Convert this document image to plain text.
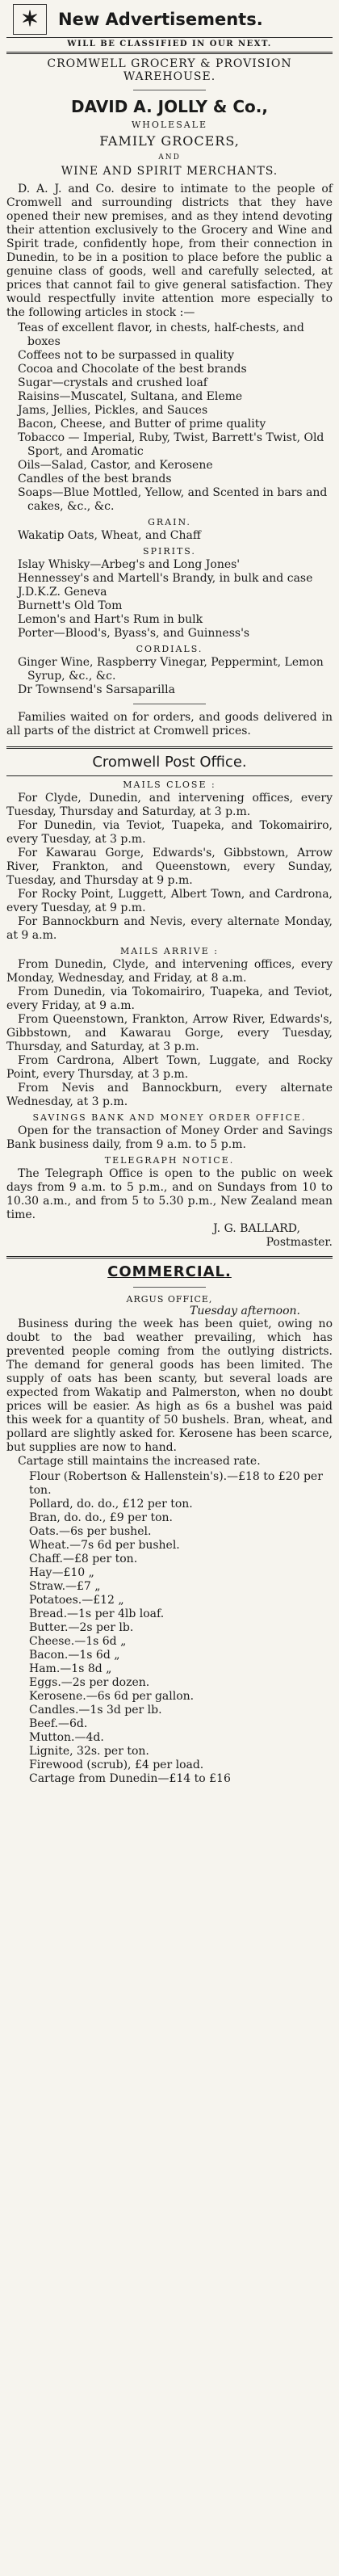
✶	New Advertisements.
WILL BE CLASSIFIED IN OUR NEXT.
CROMWELL GROCERY & PROVISION
WAREHOUSE.
DAVID A. JOLLY & Co.,
WHOLESALE
FAMILY GROCERS,
AND
WINE AND SPIRIT MERCHANTS.

D. A. J. and Co. desire to intimate to the people of Cromwell and surrounding districts that they have opened their new premises, and as they intend devoting their attention exclusively to the Grocery and Wine and Spirit trade, confidently hope, from their connection in Dunedin, to be in a position to place before the public a genuine class of goods, well and carefully selected, at prices that cannot fail to give general satisfaction. They would respectfully invite attention more especially to the following articles in stock :—

Teas of excellent flavor, in chests, half-chests, and boxes
Coffees not to be surpassed in quality
Cocoa and Chocolate of the best brands
Sugar—crystals and crushed loaf
Raisins—Muscatel, Sultana, and Eleme
Jams, Jellies, Pickles, and Sauces
Bacon, Cheese, and Butter of prime quality
Tobacco — Imperial, Ruby, Twist, Barrett's Twist, Old Sport, and Aromatic
Oils—Salad, Castor, and Kerosene
Candles of the best brands
Soaps—Blue Mottled, Yellow, and Scented in bars and cakes, &c., &c.
GRAIN.
Wakatip Oats, Wheat, and Chaff
SPIRITS.
Islay Whisky—Arbeg's and Long Jones'
Hennessey's and Martell's Brandy, in bulk and case
J.D.K.Z. Geneva
Burnett's Old Tom
Lemon's and Hart's Rum in bulk
Porter—Blood's, Byass's, and Guinness's
CORDIALS.
Ginger Wine, Raspberry Vinegar, Peppermint, Lemon Syrup, &c., &c.
Dr Townsend's Sarsaparilla

Families waited on for orders, and goods delivered in all parts of the district at Cromwell prices.

Cromwell Post Office.
MAILS CLOSE :

For Clyde, Dunedin, and intervening offices, every Tuesday, Thursday and Saturday, at 3 p.m.

For Dunedin, via Teviot, Tuapeka, and Tokomairiro, every Tuesday, at 3 p.m.

For Kawarau Gorge, Edwards's, Gibbstown, Arrow River, Frankton, and Queenstown, every Sunday, Tuesday, and Thursday at 9 p.m.

For Rocky Point, Luggett, Albert Town, and Cardrona, every Tuesday, at 9 p.m.

For Bannockburn and Nevis, every alternate Monday, at 9 a.m.

MAILS ARRIVE :

From Dunedin, Clyde, and intervening offices, every Monday, Wednesday, and Friday, at 8 a.m.

From Dunedin, via Tokomairiro, Tuapeka, and Teviot, every Friday, at 9 a.m.

From Queenstown, Frankton, Arrow River, Edwards's, Gibbstown, and Kawarau Gorge, every Tuesday, Thursday, and Saturday, at 3 p.m.

From Cardrona, Albert Town, Luggate, and Rocky Point, every Thursday, at 3 p.m.

From Nevis and Bannockburn, every alternate Wednesday, at 3 p.m.

SAVINGS BANK AND MONEY ORDER OFFICE.

Open for the transaction of Money Order and Savings Bank business daily, from 9 a.m. to 5 p.m.

TELEGRAPH NOTICE.

The Telegraph Office is open to the public on week days from 9 a.m. to 5 p.m., and on Sundays from 10 to 10.30 a.m., and from 5 to 5.30 p.m., New Zealand mean time.

J. G. BALLARD,
Postmaster.
COMMERCIAL.
ARGUS OFFICE,
Tuesday afternoon.

Business during the week has been quiet, owing no doubt to the bad weather prevailing, which has prevented people coming from the outlying districts. The demand for general goods has been limited. The supply of oats has been scanty, but several loads are expected from Wakatip and Palmerston, when no doubt prices will be easier. As high as 6s a bushel was paid this week for a quantity of 50 bushels. Bran, wheat, and pollard are slightly asked for. Kerosene has been scarce, but supplies are now to hand.

Cartage still maintains the increased rate.

Flour (Robertson & Hallenstein's).—£18 to £20 per ton.
Pollard, do. do., £12 per ton.
Bran, do. do., £9 per ton.
Oats.—6s per bushel.
Wheat.—7s 6d per bushel.
Chaff.—£8 per ton.
Hay—£10 „
Straw.—£7 „
Potatoes.—£12 „
Bread.—1s per 4lb loaf.
Butter.—2s per lb.
Cheese.—1s 6d „
Bacon.—1s 6d „
Ham.—1s 8d „
Eggs.—2s per dozen.
Kerosene.—6s 6d per gallon.
Candles.—1s 3d per lb.
Beef.—6d.
Mutton.—4d.
Lignite, 32s. per ton.
Firewood (scrub), £4 per load.
Cartage from Dunedin—£14 to £16
